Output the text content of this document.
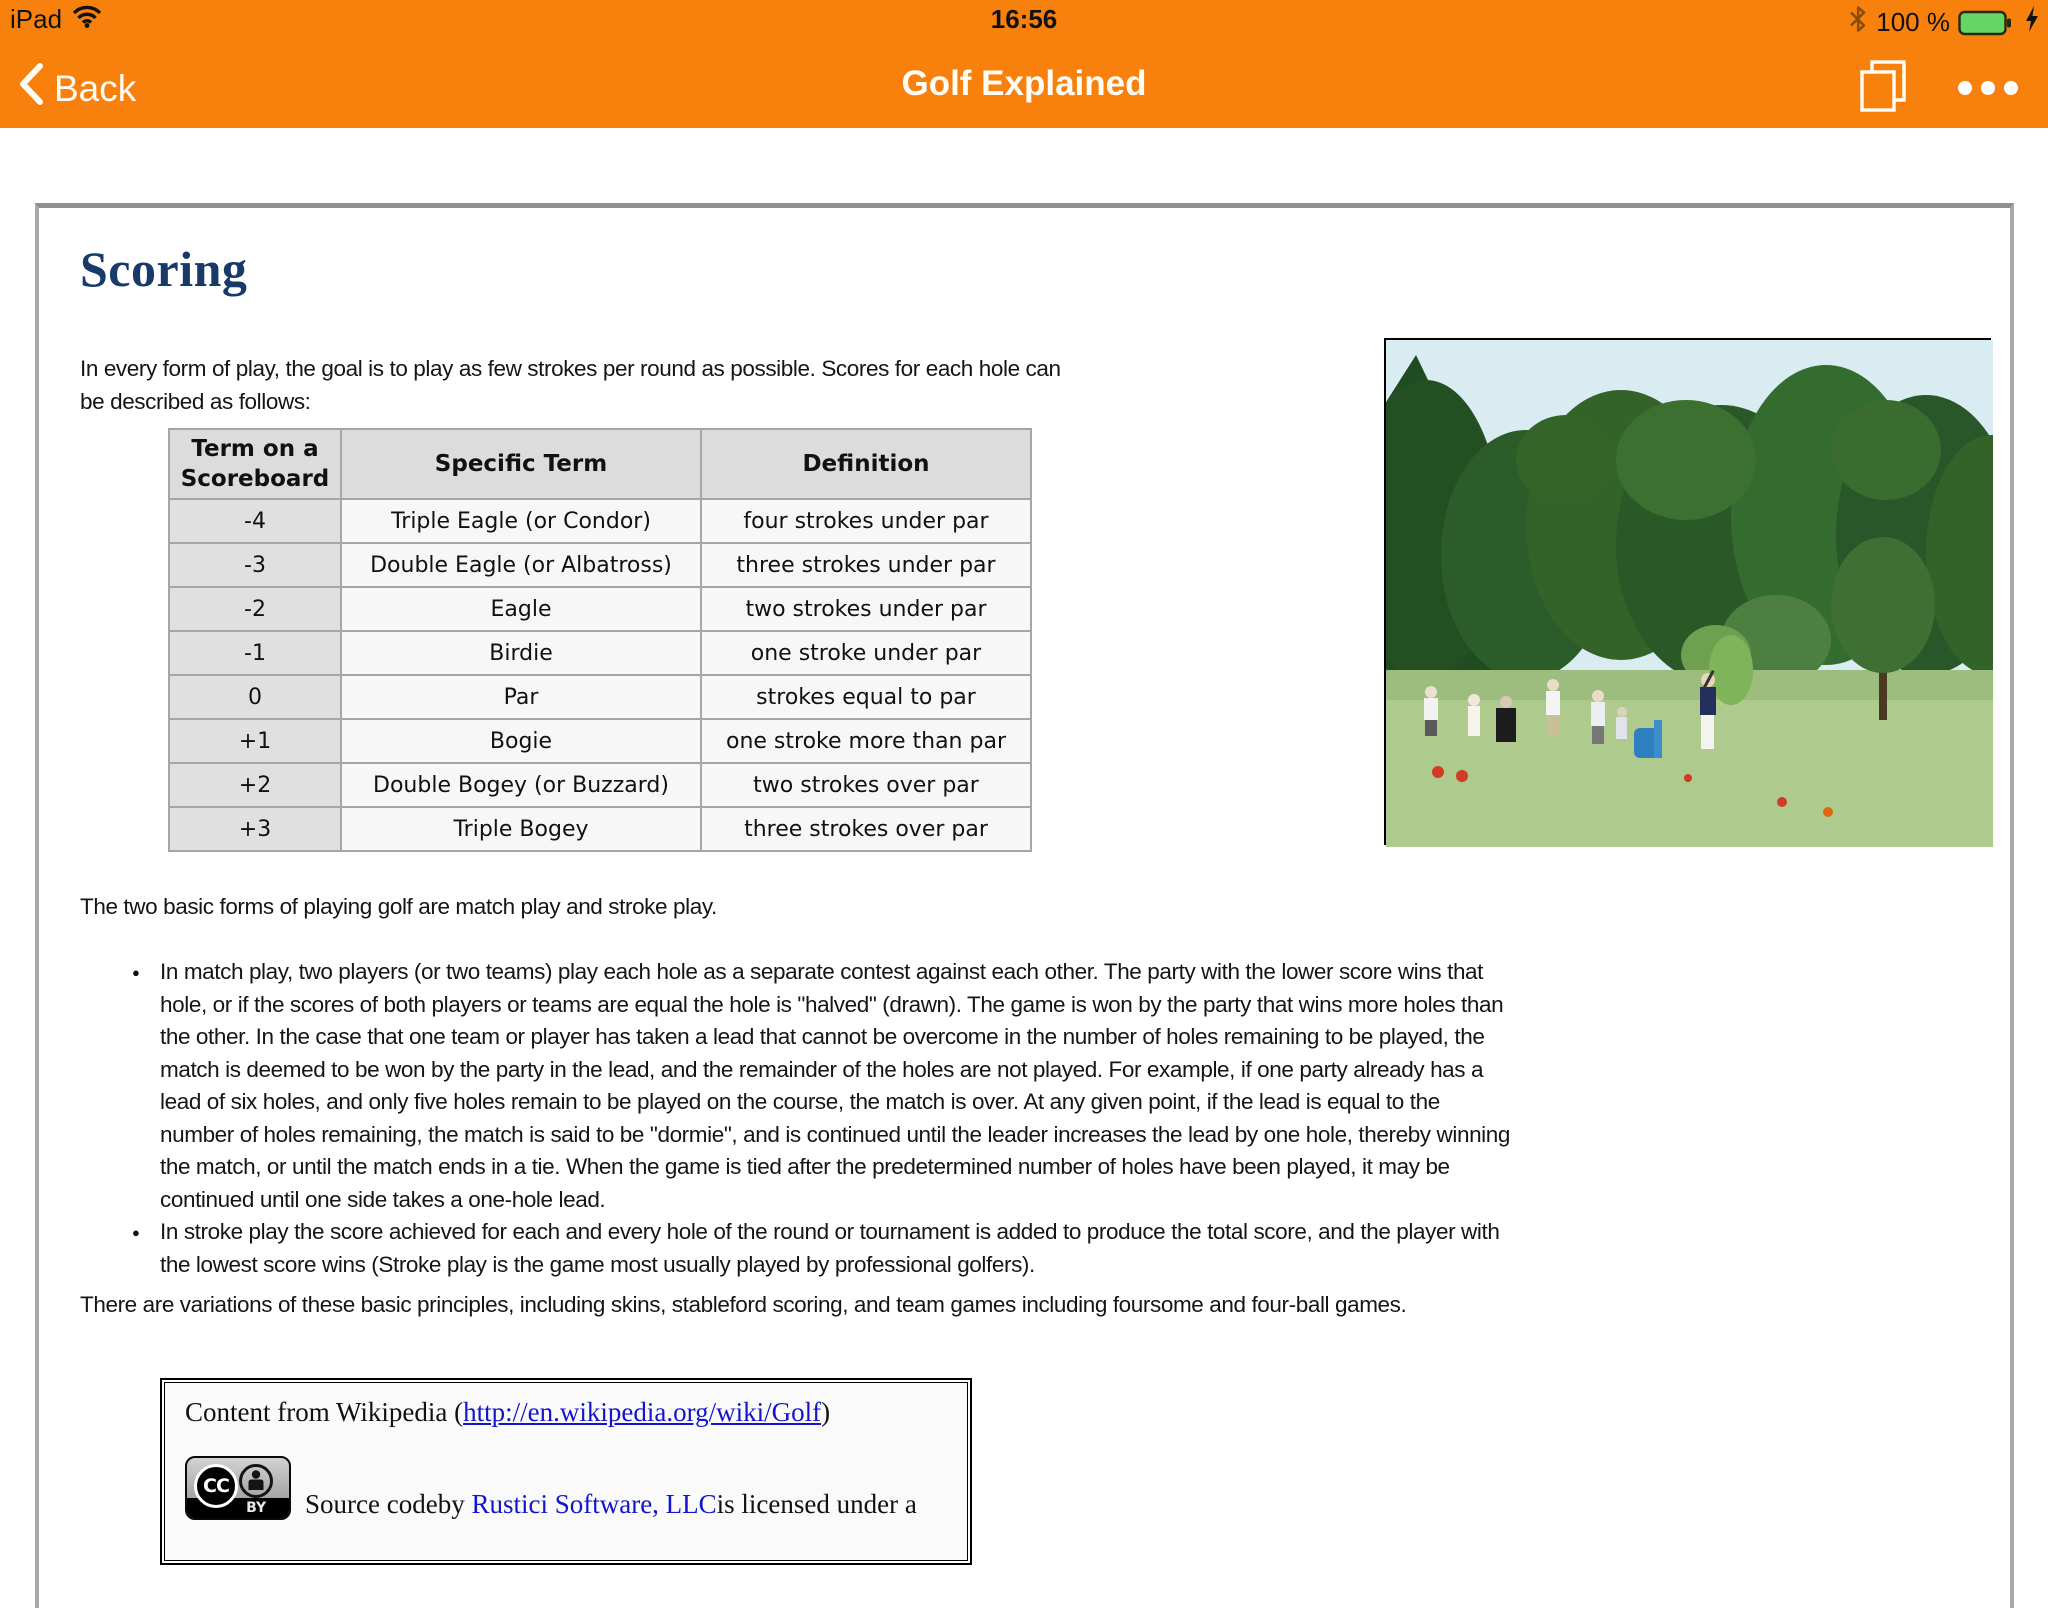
iPad	16:56	100 %
Back	Golf Explained
Scoring

In every form of play, the goal is to play as few strokes per round as possible. Scores for each hole can be described as follows:

Term on a Scoreboard	Specific Term	Definition
-4	Triple Eagle (or Condor)	four strokes under par
-3	Double Eagle (or Albatross)	three strokes under par
-2	Eagle	two strokes under par
-1	Birdie	one stroke under par
0	Par	strokes equal to par
+1	Bogie	one stroke more than par
+2	Double Bogey (or Buzzard)	two strokes over par
+3	Triple Bogey	three strokes over par

The two basic forms of playing golf are match play and stroke play.

● In match play, two players (or two teams) play each hole as a separate contest against each other. The party with the lower score wins that hole, or if the scores of both players or teams are equal the hole is "halved" (drawn). The game is won by the party that wins more holes than the other. In the case that one team or player has taken a lead that cannot be overcome in the number of holes remaining to be played, the match is deemed to be won by the party in the lead, and the remainder of the holes are not played. For example, if one party already has a lead of six holes, and only five holes remain to be played on the course, the match is over. At any given point, if the lead is equal to the number of holes remaining, the match is said to be "dormie", and is continued until the leader increases the lead by one hole, thereby winning the match, or until the match ends in a tie. When the game is tied after the predetermined number of holes have been played, it may be continued until one side takes a one-hole lead.
● In stroke play the score achieved for each and every hole of the round or tournament is added to produce the total score, and the player with the lowest score wins (Stroke play is the game most usually played by professional golfers).

There are variations of these basic principles, including skins, stableford scoring, and team games including foursome and four-ball games.

Content from Wikipedia (http://en.wikipedia.org/wiki/Golf)
CC
BY Source codeby Rustici Software, LLCis licensed under a
